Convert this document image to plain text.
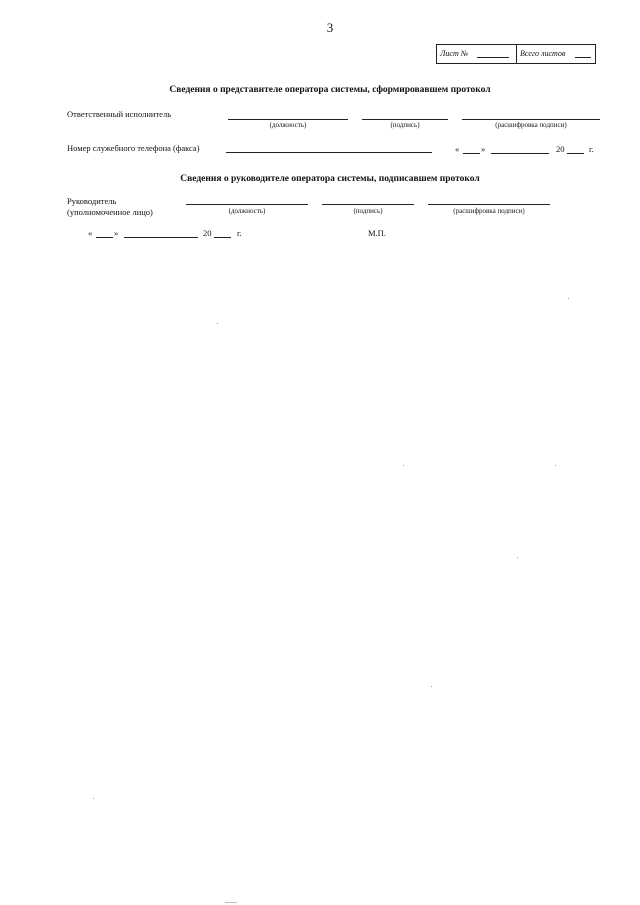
3
Лист №	Всего листов
Сведения о представителе оператора системы, сформировавшем протокол
Ответственный исполнитель
(должность)	(подпись)	(расшифровка подписи)
Номер служебного телефона (факса)	«	»	20	г.
Сведения о руководителе оператора системы, подписавшем протокол
Руководитель
(уполномоченное лицо)	(должность)	(подпись)	(расшифровка подписи)
«	»	20	г.	М.П.
